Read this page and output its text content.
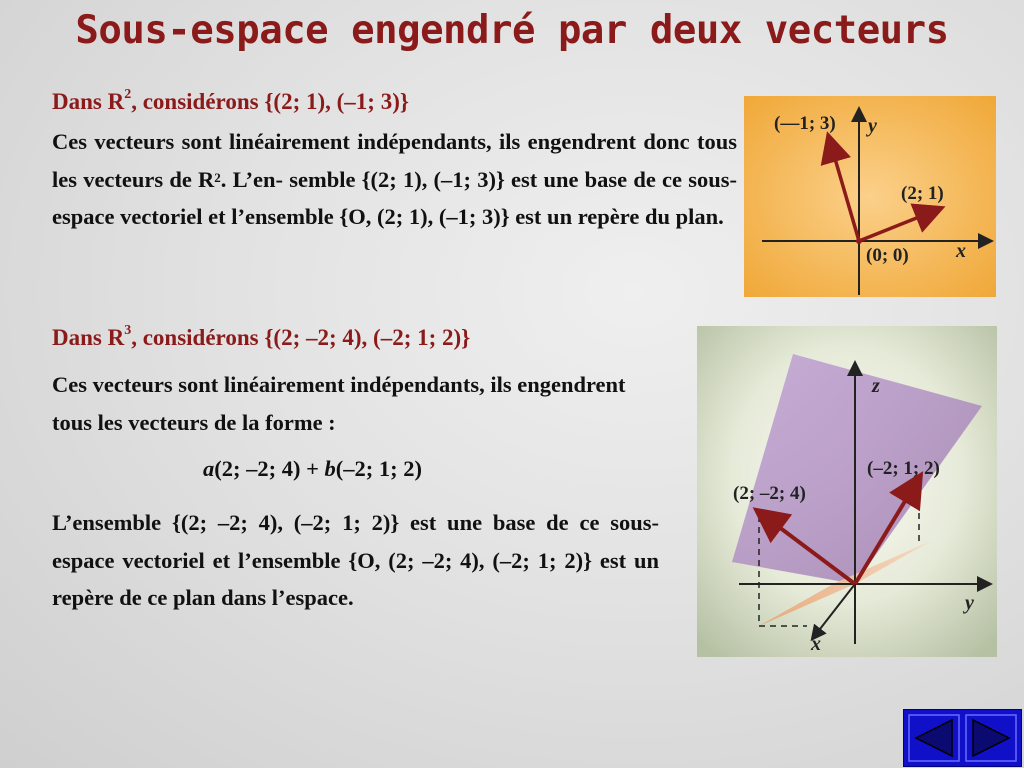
Sous-espace engendré par deux vecteurs
Dans $R^2$, considérons {(2; 1), (–1; 3)}
Ces vecteurs sont linéairement indépendants, ils engendrent donc tous les vecteurs de $R^2$. L’en- semble {(2; 1), (–1; 3)} est une base de ce sous-espace vectoriel et l’ensemble {O, (2; 1), (–1; 3)} est un repère du plan.
(—1; 3) y
(2; 1)
(0; 0) x
Dans $R^3$, considérons {(2; –2; 4), (–2; 1; 2)}
Ces vecteurs sont linéairement indépendants, ils engendrent tous les vecteurs de la forme :
a(2; –2; 4) + b(–2; 1; 2)
L’ensemble {(2; –2; 4), (–2; 1; 2)} est une base de ce sous-espace vectoriel et l’ensemble {O, (2; –2; 4), (–2; 1; 2)} est un repère de ce plan dans l’espace.
z
(–2; 1; 2)
(2; –2; 4)
y
x
